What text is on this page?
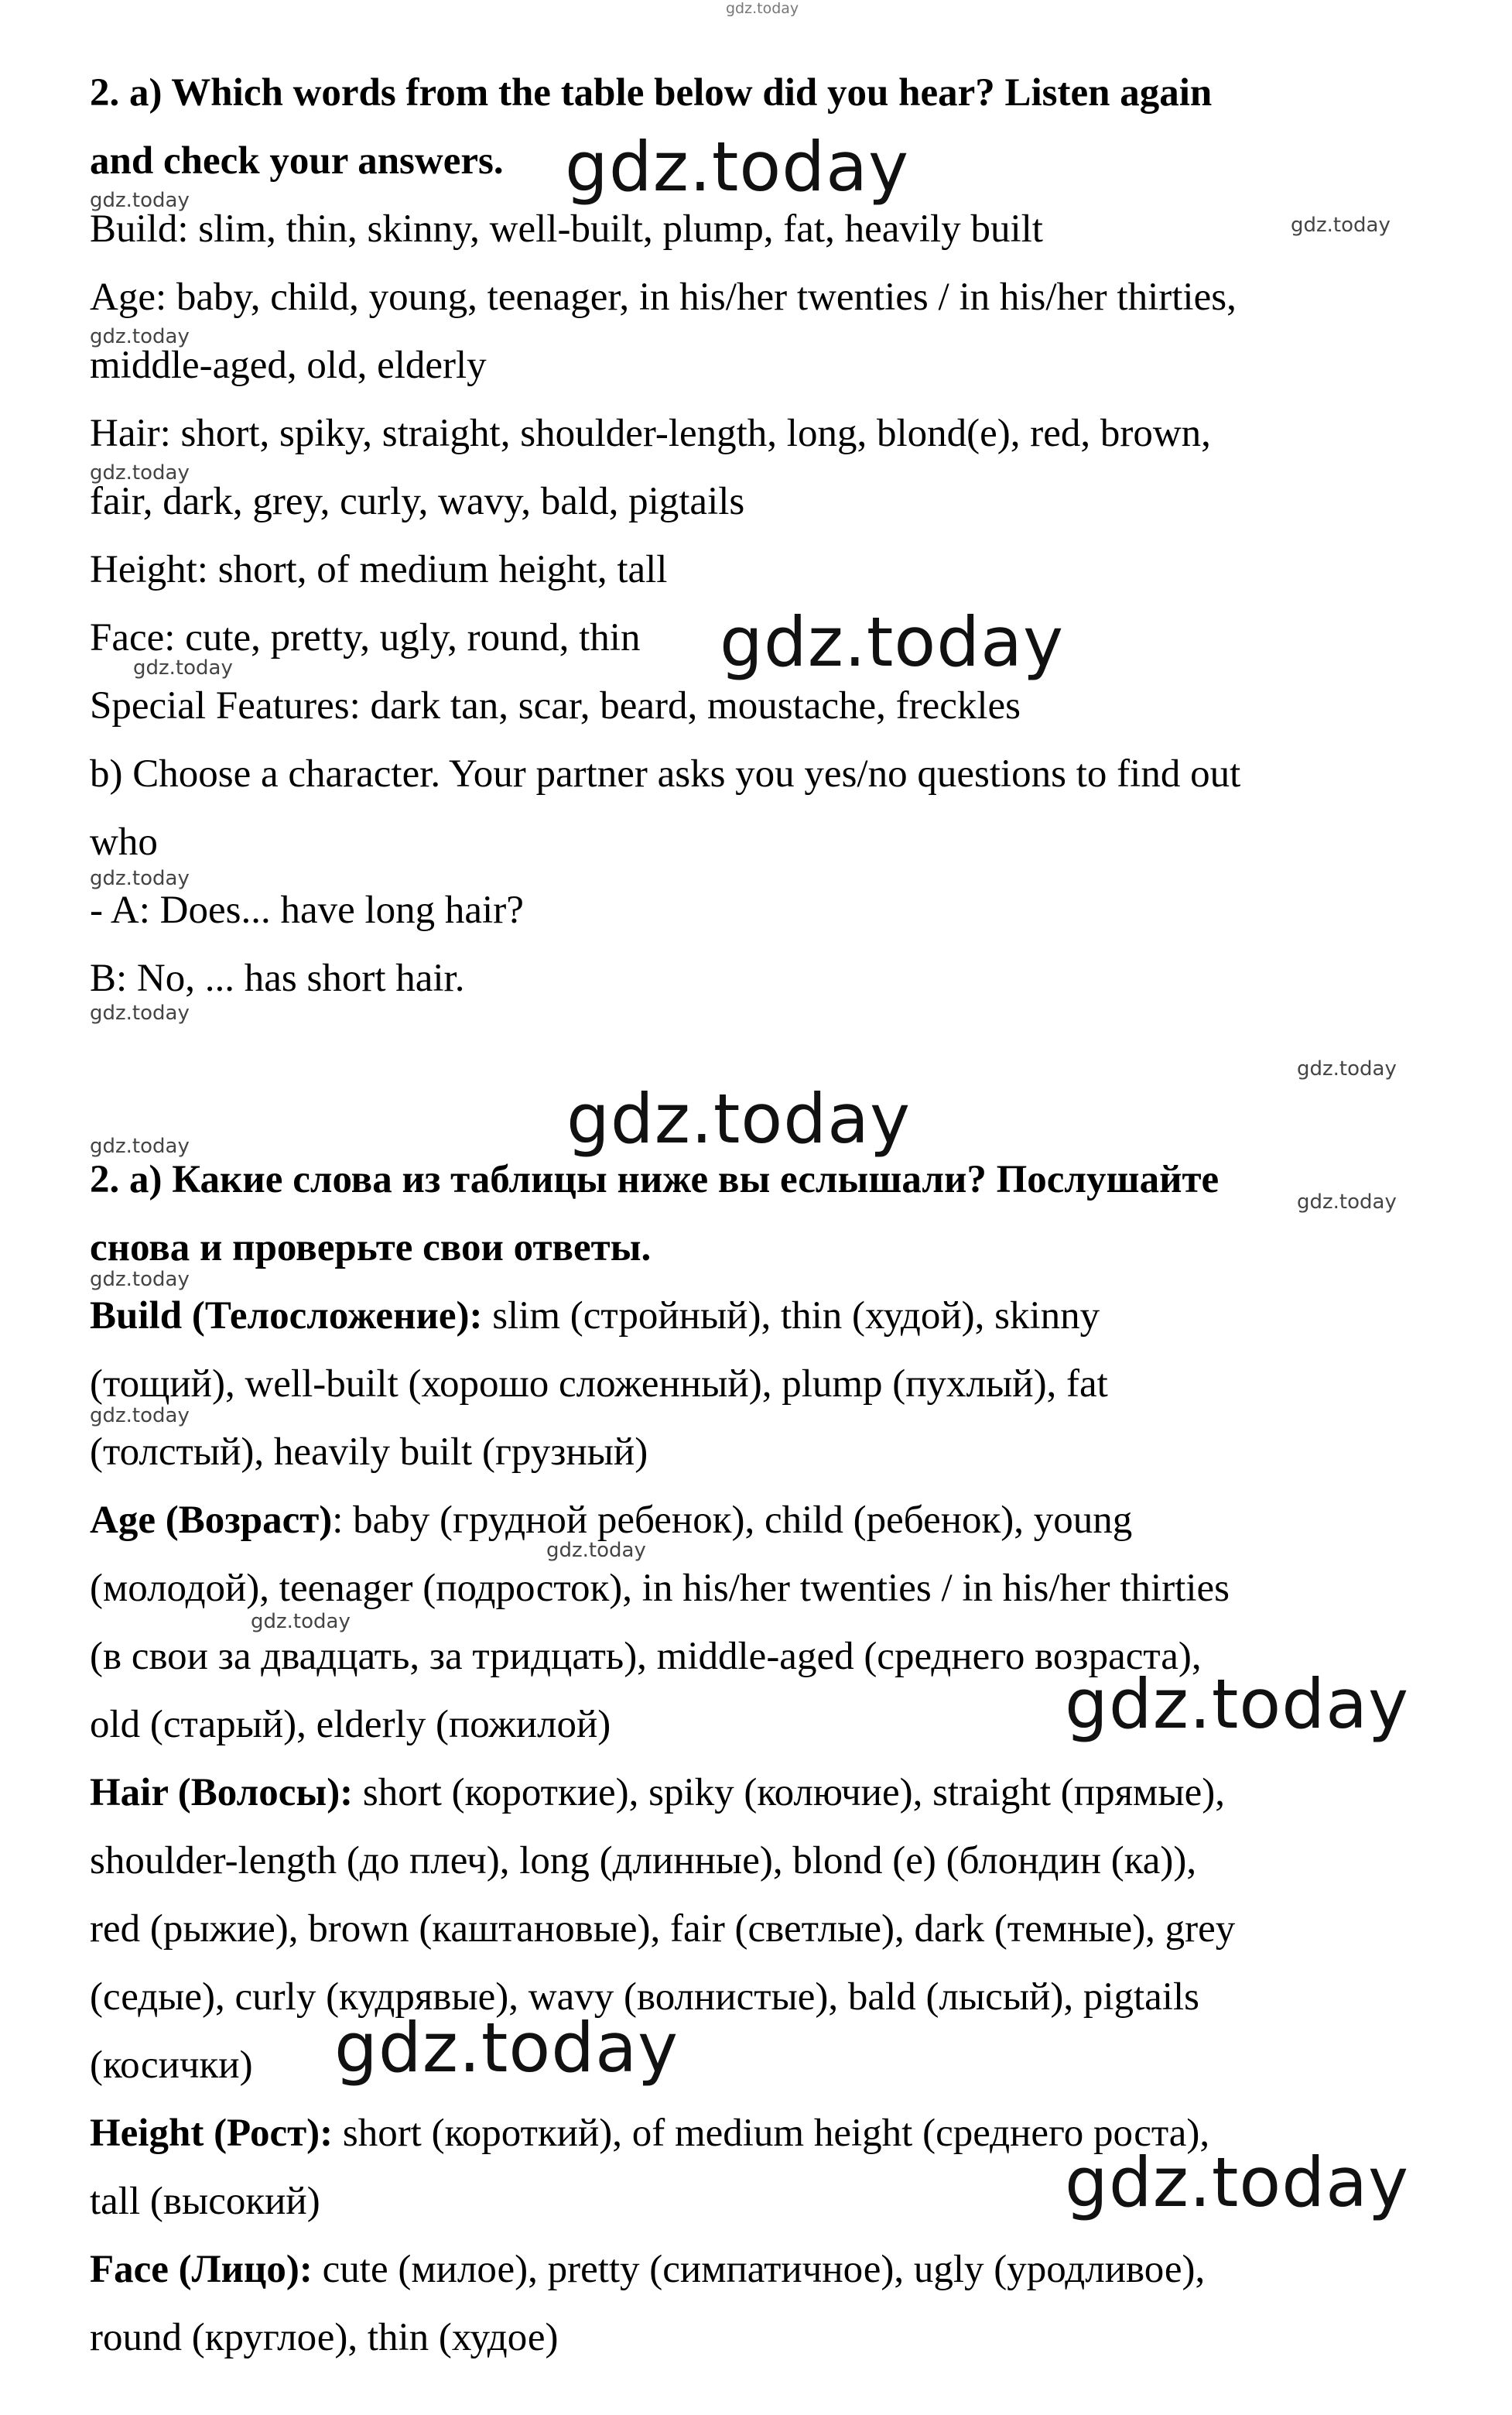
gdz.today
2. a) Which words from the table below did you hear? Listen again
and check your answers.
Build: slim, thin, skinny, well-built, plump, fat, heavily built
Age: baby, child, young, teenager, in his/her twenties / in his/her thirties,
middle-aged, old, elderly
Hair: short, spiky, straight, shoulder-length, long, blond(e), red, brown,
fair, dark, grey, curly, wavy, bald, pigtails
Height: short, of medium height, tall
Face: cute, pretty, ugly, round, thin
Special Features: dark tan, scar, beard, moustache, freckles
b) Choose a character. Your partner asks you yes/no questions to find out
who
- A: Does... have long hair?
B: No, ... has short hair.
2. a) Какие слова из таблицы ниже вы еслышали? Послушайте
снова и проверьте свои ответы.
Build (Телосложение): slim (стройный), thin (худой), skinny
(тощий), well-built (хорошо сложенный), plump (пухлый), fat
(толстый), heavily built (грузный)
Age (Возраст): baby (грудной ребенок), child (ребенок), young
(молодой), teenager (подросток), in his/her twenties / in his/her thirties
(в свои за двадцать, за тридцать), middle-aged (среднего возраста),
old (старый), elderly (пожилой)
Hair (Волосы): short (короткие), spiky (колючие), straight (прямые),
shoulder-length (до плеч), long (длинные), blond (е) (блондин (ка)),
red (рыжие), brown (каштановые), fair (светлые), dark (темные), grey
(седые), curly (кудрявые), wavy (волнистые), bald (лысый), pigtails
(косички)
Height (Рост): short (короткий), of medium height (среднего роста),
tall (высокий)
Face (Лицо): cute (милое), pretty (симпатичное), ugly (уродливое),
round (круглое), thin (худое)
gdz.today
gdz.today
gdz.today
gdz.today
gdz.today
gdz.today
gdz.today
gdz.today
gdz.today
gdz.today
gdz.today
gdz.today
gdz.today
gdz.today
gdz.today
gdz.today
gdz.today
gdz.today
gdz.today
gdz.today
